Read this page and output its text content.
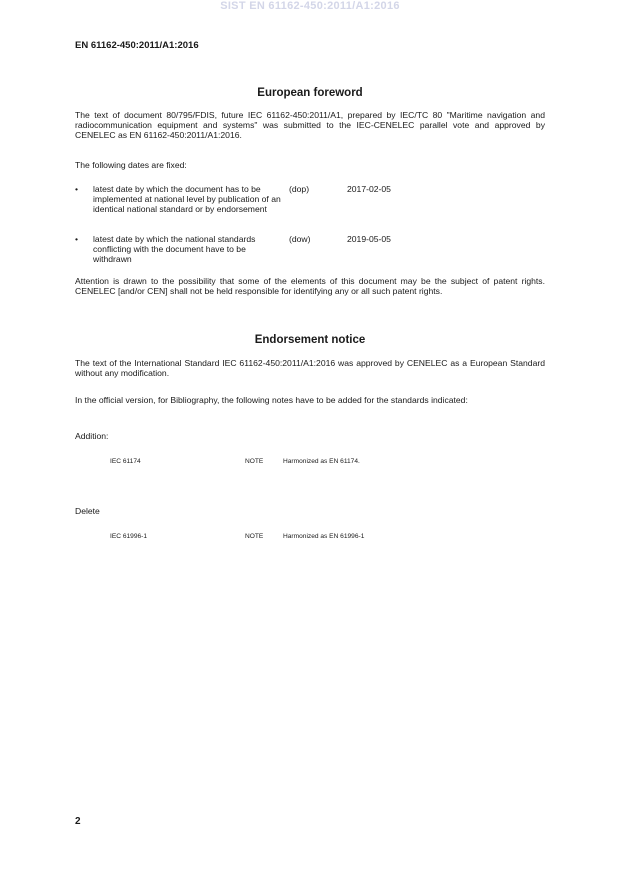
SIST EN 61162-450:2011/A1:2016
EN 61162-450:2011/A1:2016
European foreword
The text of document 80/795/FDIS, future IEC 61162-450:2011/A1, prepared by IEC/TC 80 "Maritime navigation and radiocommunication equipment and systems" was submitted to the IEC-CENELEC parallel vote and approved by CENELEC as EN 61162-450:2011/A1:2016.
The following dates are fixed:
• latest date by which the document has to be implemented at national level by publication of an identical national standard or by endorsement
(dop)	2017-02-05
• latest date by which the national standards conflicting with the document have to be withdrawn
(dow)	2019-05-05
Attention is drawn to the possibility that some of the elements of this document may be the subject of patent rights. CENELEC [and/or CEN] shall not be held responsible for identifying any or all such patent rights.
Endorsement notice
The text of the International Standard IEC 61162-450:2011/A1:2016 was approved by CENELEC as a European Standard without any modification.
In the official version, for Bibliography, the following notes have to be added for the standards indicated:
Addition:
IEC 61174	NOTE	Harmonized as EN 61174.
Delete
IEC 61996-1	NOTE	Harmonized as EN 61996-1
2
